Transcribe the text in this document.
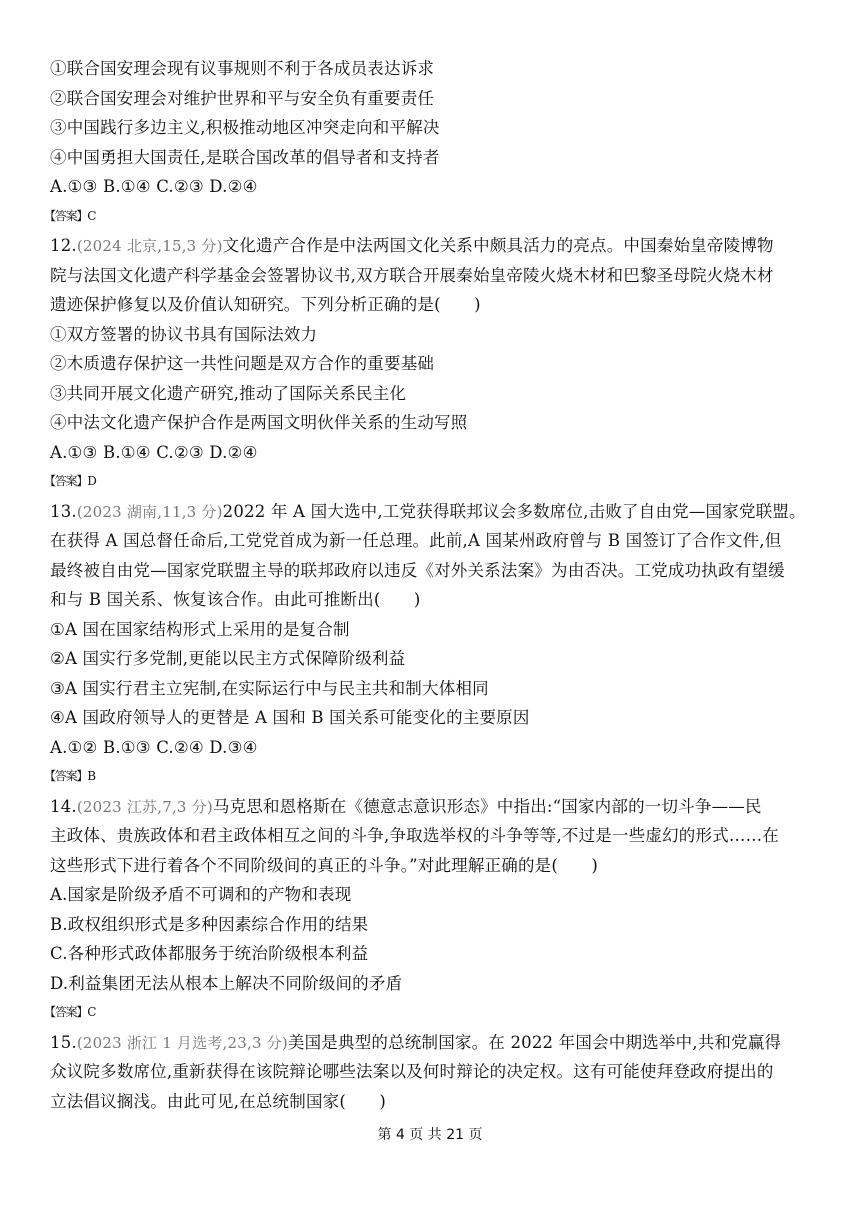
①联合国安理会现有议事规则不利于各成员表达诉求
②联合国安理会对维护世界和平与安全负有重要责任
③中国践行多边主义,积极推动地区冲突走向和平解决
④中国勇担大国责任,是联合国改革的倡导者和支持者
A.①③ B.①④ C.②③ D.②④
【答案】C
12.(2024 北京,15,3 分)文化遗产合作是中法两国文化关系中颇具活力的亮点。中国秦始皇帝陵博物
院与法国文化遗产科学基金会签署协议书,双方联合开展秦始皇帝陵火烧木材和巴黎圣母院火烧木材
遗迹保护修复以及价值认知研究。下列分析正确的是(　　)
①双方签署的协议书具有国际法效力
②木质遗存保护这一共性问题是双方合作的重要基础
③共同开展文化遗产研究,推动了国际关系民主化
④中法文化遗产保护合作是两国文明伙伴关系的生动写照
A.①③ B.①④ C.②③ D.②④
【答案】D
13.(2023 湖南,11,3 分)2022 年 A 国大选中,工党获得联邦议会多数席位,击败了自由党—国家党联盟。
在获得 A 国总督任命后,工党党首成为新一任总理。此前,A 国某州政府曾与 B 国签订了合作文件,但
最终被自由党—国家党联盟主导的联邦政府以违反《对外关系法案》为由否决。工党成功执政有望缓
和与 B 国关系、恢复该合作。由此可推断出(　　)
①A 国在国家结构形式上采用的是复合制
②A 国实行多党制,更能以民主方式保障阶级利益
③A 国实行君主立宪制,在实际运行中与民主共和制大体相同
④A 国政府领导人的更替是 A 国和 B 国关系可能变化的主要原因
A.①② B.①③ C.②④ D.③④
【答案】B
14.(2023 江苏,7,3 分)马克思和恩格斯在《德意志意识形态》中指出:“国家内部的一切斗争——民
主政体、贵族政体和君主政体相互之间的斗争,争取选举权的斗争等等,不过是一些虚幻的形式……在
这些形式下进行着各个不同阶级间的真正的斗争。”对此理解正确的是(　　)
A.国家是阶级矛盾不可调和的产物和表现
B.政权组织形式是多种因素综合作用的结果
C.各种形式政体都服务于统治阶级根本利益
D.利益集团无法从根本上解决不同阶级间的矛盾
【答案】C
15.(2023 浙江 1 月选考,23,3 分)美国是典型的总统制国家。在 2022 年国会中期选举中,共和党赢得
众议院多数席位,重新获得在该院辩论哪些法案以及何时辩论的决定权。这有可能使拜登政府提出的
立法倡议搁浅。由此可见,在总统制国家(　　)
第 4 页 共 21 页
